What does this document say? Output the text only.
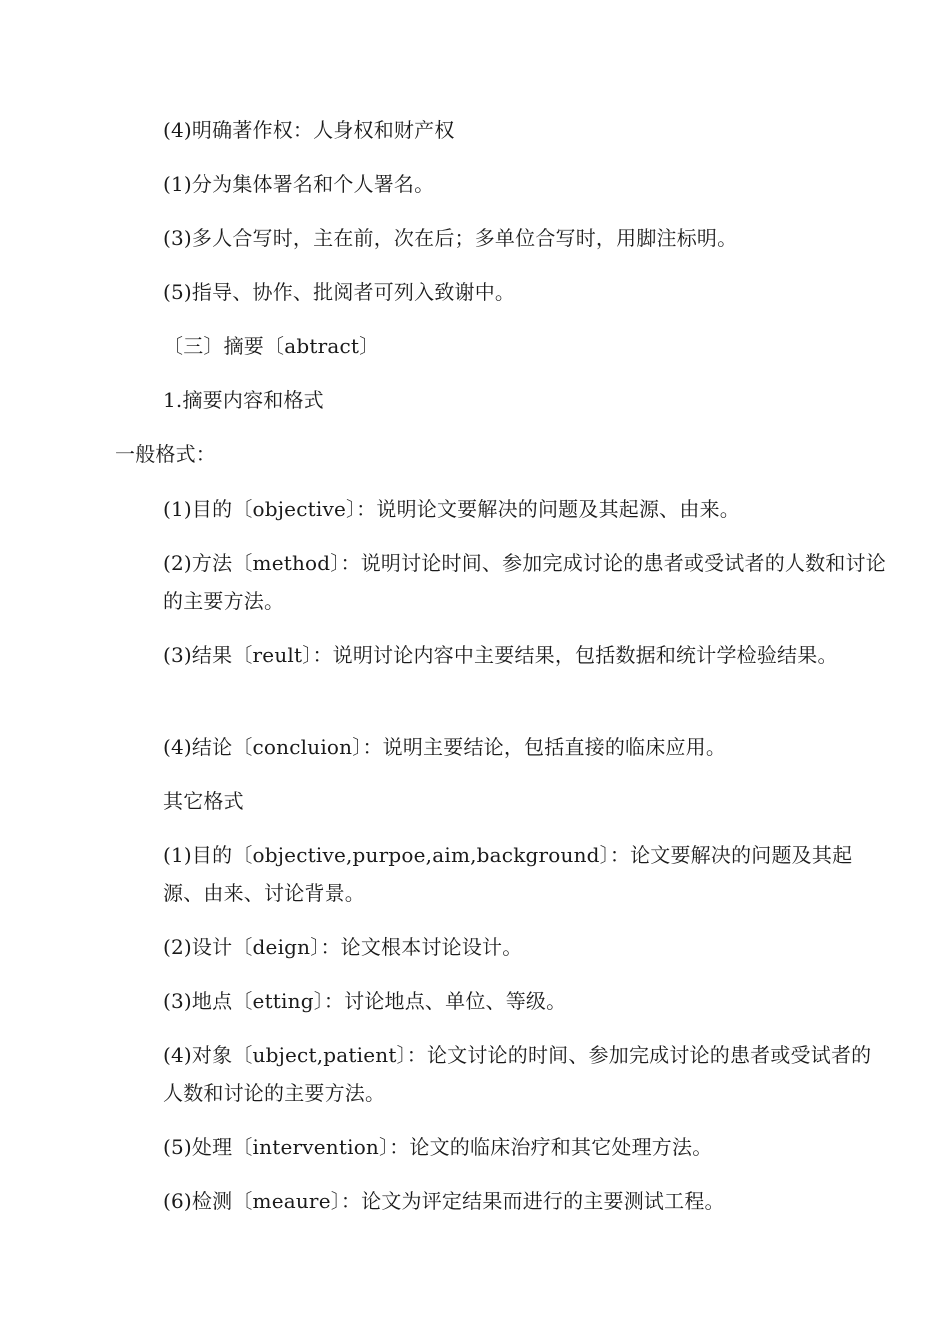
(4)明确著作权：人身权和财产权
(1)分为集体署名和个人署名。
(3)多人合写时，主在前，次在后；多单位合写时，用脚注标明。
(5)指导、协作、批阅者可列入致谢中。
〔三〕摘要〔abtract〕
1.摘要内容和格式
一般格式：
(1)目的〔objective〕：说明论文要解决的问题及其起源、由来。
(2)方法〔method〕：说明讨论时间、参加完成讨论的患者或受试者的人数和讨论的主要方法。
(3)结果〔reult〕：说明讨论内容中主要结果，包括数据和统计学检验结果。
(4)结论〔concluion〕：说明主要结论，包括直接的临床应用。
其它格式
(1)目的〔objective,purpoe,aim,background〕：论文要解决的问题及其起源、由来、讨论背景。
(2)设计〔deign〕：论文根本讨论设计。
(3)地点〔etting〕：讨论地点、单位、等级。
(4)对象〔ubject,patient〕：论文讨论的时间、参加完成讨论的患者或受试者的人数和讨论的主要方法。
(5)处理〔intervention〕：论文的临床治疗和其它处理方法。
(6)检测〔meaure〕：论文为评定结果而进行的主要测试工程。
